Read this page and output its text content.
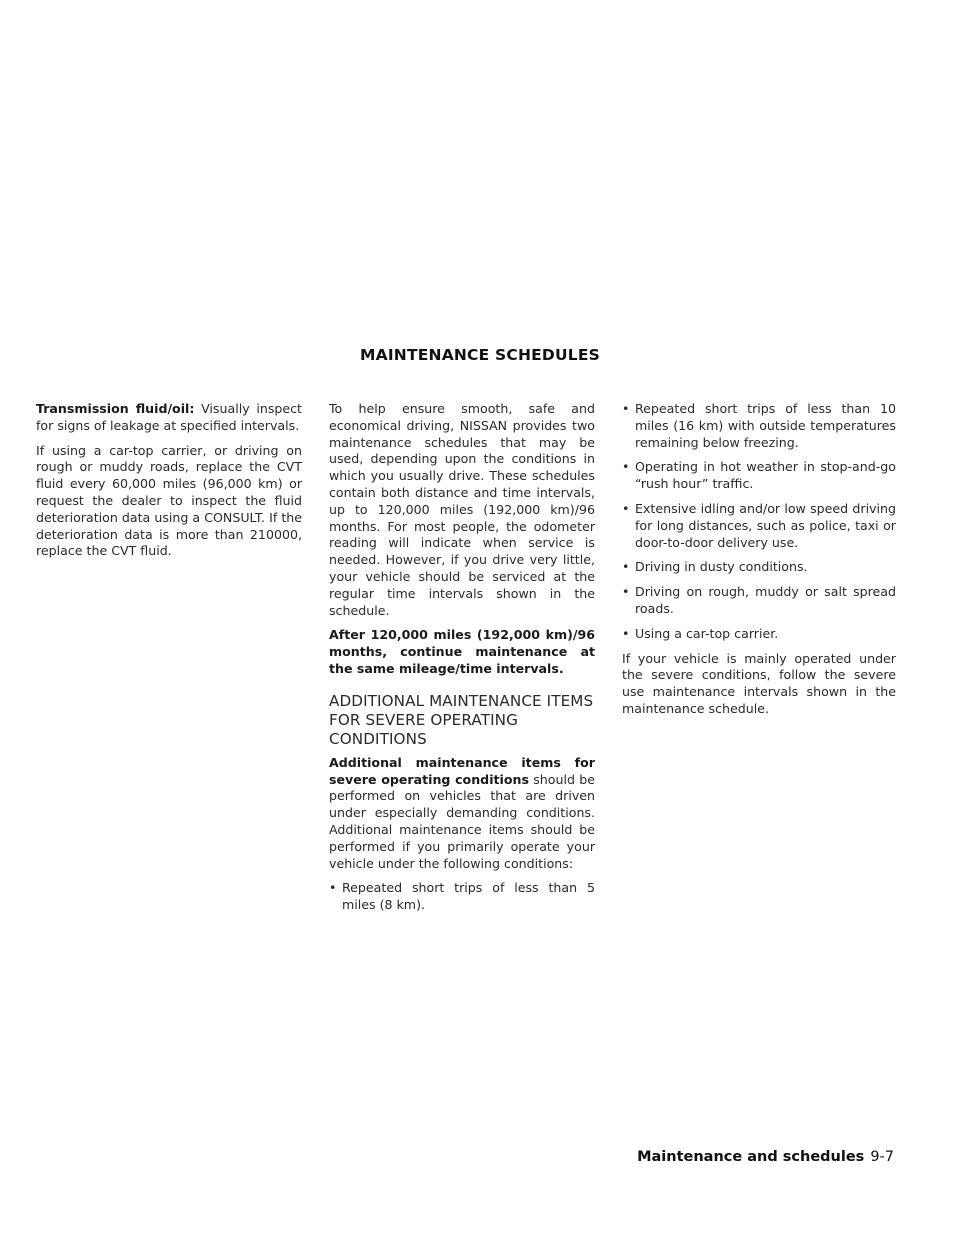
MAINTENANCE SCHEDULES

Transmission fluid/oil: Visually inspect for signs of leakage at specified intervals.

If using a car-top carrier, or driving on rough or muddy roads, replace the CVT fluid every 60,000 miles (96,000 km) or request the dealer to inspect the fluid deterioration data using a CONSULT. If the deterioration data is more than 210000, replace the CVT fluid.

To help ensure smooth, safe and economical driving, NISSAN provides two maintenance schedules that may be used, depending upon the conditions in which you usually drive. These schedules contain both distance and time intervals, up to 120,000 miles (192,000 km)/96 months. For most people, the odometer reading will indicate when service is needed. However, if you drive very little, your vehicle should be serviced at the regular time intervals shown in the schedule.

After 120,000 miles (192,000 km)/96 months, continue maintenance at the same mileage/time intervals.

ADDITIONAL MAINTENANCE ITEMS FOR SEVERE OPERATING CONDITIONS

Additional maintenance items for severe operating conditions should be performed on vehicles that are driven under especially demanding conditions. Additional maintenance items should be performed if you primarily operate your vehicle under the following conditions:

• Repeated short trips of less than 5 miles (8 km).
• Repeated short trips of less than 10 miles (16 km) with outside temperatures remaining below freezing.
• Operating in hot weather in stop-and-go “rush hour” traffic.
• Extensive idling and/or low speed driving for long distances, such as police, taxi or door-to-door delivery use.
• Driving in dusty conditions.
• Driving on rough, muddy or salt spread roads.
• Using a car-top carrier.

If your vehicle is mainly operated under the severe conditions, follow the severe use maintenance intervals shown in the maintenance schedule.

Maintenance and schedules 9-7
